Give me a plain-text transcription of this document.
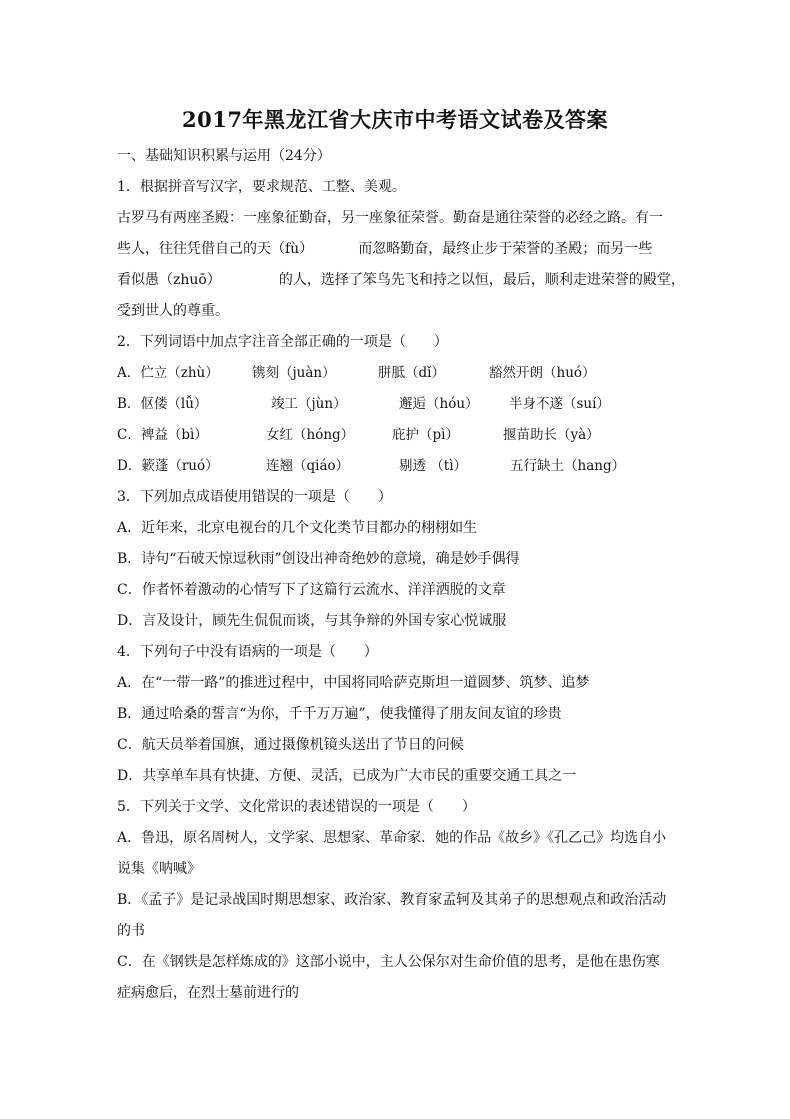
2017年黑龙江省大庆市中考语文试卷及答案
一、基础知识积累与运用（24分）
1．根据拼音写汉字，要求规范、工整、美观。
古罗马有两座圣殿：一座象征勤奋，另一座象征荣誉。勤奋是通往荣誉的必经之路。有一
些人，往往凭借自己的天（fù）	而忽略勤奋，最终止步于荣誉的圣殿；而另一些
看似愚（zhuō）	的人，选择了笨鸟先飞和持之以恒，最后，顺利走进荣誉的殿堂，
受到世人的尊重。
2．下列词语中加点字注音全部正确的一项是（　　）
A．伫立（zhù） 镌刻（juàn）	胼胝（dǐ）	豁然开朗（huó）
B．伛偻（lǚ）	竣工（jùn）	邂逅（hóu） 半身不遂（suí）
C．裨益（bì）	女红（hóng）	庇护（pì）	揠苗助长（yà）
D．簌蓬（ruó）	连翘（qiáo）	剔透 （tì）	五行缺土（hang）
3．下列加点成语使用错误的一项是（　　）
A．近年来，北京电视台的几个文化类节目都办的栩栩如生
B．诗句“石破天惊逗秋雨”创设出神奇绝妙的意境，确是妙手偶得
C．作者怀着激动的心情写下了这篇行云流水、洋洋洒脱的文章
D．言及设计，顾先生侃侃而谈，与其争辩的外国专家心悦诚服
4．下列句子中没有语病的一项是（　　）
A．在“一带一路”的推进过程中，中国将同哈萨克斯坦一道圆梦、筑梦、追梦
B．通过哈桑的誓言“为你，千千万万遍”，使我懂得了朋友间友谊的珍贵
C．航天员举着国旗，通过摄像机镜头送出了节日的问候
D．共享单车具有快捷、方便、灵活，已成为广大市民的重要交通工具之一
5．下列关于文学、文化常识的表述错误的一项是（　　）
A．鲁迅，原名周树人，文学家、思想家、革命家．她的作品《故乡》《孔乙己》均选自小
说集《呐喊》
B．《孟子》是记录战国时期思想家、政治家、教育家孟轲及其弟子的思想观点和政治活动
的书
C．在《钢铁是怎样炼成的》这部小说中，主人公保尔对生命价值的思考，是他在患伤寒
症病愈后，在烈士墓前进行的
